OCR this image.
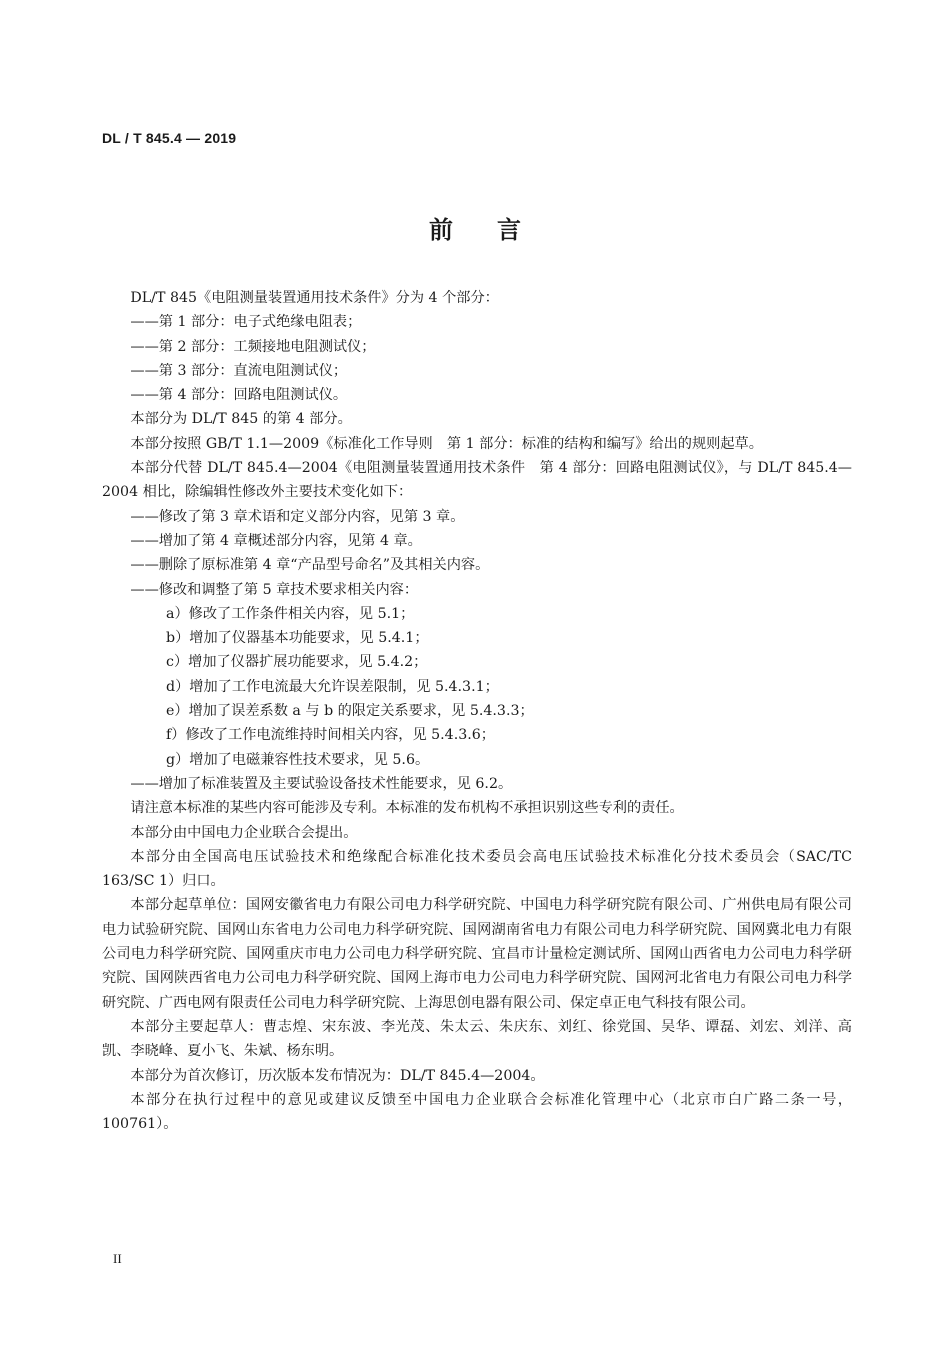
DL / T 845.4 — 2019
前言

DL/T 845《电阻测量装置通用技术条件》分为 4 个部分：

——第 1 部分：电子式绝缘电阻表；

——第 2 部分：工频接地电阻测试仪；

——第 3 部分：直流电阻测试仪；

——第 4 部分：回路电阻测试仪。

本部分为 DL/T 845 的第 4 部分。

本部分按照 GB/T 1.1—2009《标准化工作导则　第 1 部分：标准的结构和编写》给出的规则起草。

本部分代替 DL/T 845.4—2004《电阻测量装置通用技术条件　第 4 部分：回路电阻测试仪》，与 DL/T 845.4—2004 相比，除编辑性修改外主要技术变化如下：

——修改了第 3 章术语和定义部分内容，见第 3 章。

——增加了第 4 章概述部分内容，见第 4 章。

——删除了原标准第 4 章“产品型号命名”及其相关内容。

——修改和调整了第 5 章技术要求相关内容：

a）修改了工作条件相关内容，见 5.1；

b）增加了仪器基本功能要求，见 5.4.1；

c）增加了仪器扩展功能要求，见 5.4.2；

d）增加了工作电流最大允许误差限制，见 5.4.3.1；

e）增加了误差系数 a 与 b 的限定关系要求，见 5.4.3.3；

f）修改了工作电流维持时间相关内容，见 5.4.3.6；

g）增加了电磁兼容性技术要求，见 5.6。

——增加了标准装置及主要试验设备技术性能要求，见 6.2。

请注意本标准的某些内容可能涉及专利。本标准的发布机构不承担识别这些专利的责任。

本部分由中国电力企业联合会提出。

本部分由全国高电压试验技术和绝缘配合标准化技术委员会高电压试验技术标准化分技术委员会（SAC/TC 163/SC 1）归口。

本部分起草单位：国网安徽省电力有限公司电力科学研究院、中国电力科学研究院有限公司、广州供电局有限公司电力试验研究院、国网山东省电力公司电力科学研究院、国网湖南省电力有限公司电力科学研究院、国网冀北电力有限公司电力科学研究院、国网重庆市电力公司电力科学研究院、宜昌市计量检定测试所、国网山西省电力公司电力科学研究院、国网陕西省电力公司电力科学研究院、国网上海市电力公司电力科学研究院、国网河北省电力有限公司电力科学研究院、广西电网有限责任公司电力科学研究院、上海思创电器有限公司、保定卓正电气科技有限公司。

本部分主要起草人：曹志煌、宋东波、李光茂、朱太云、朱庆东、刘红、徐党国、吴华、谭磊、刘宏、刘洋、高凯、李晓峰、夏小飞、朱斌、杨东明。

本部分为首次修订，历次版本发布情况为：DL/T 845.4—2004。

本部分在执行过程中的意见或建议反馈至中国电力企业联合会标准化管理中心（北京市白广路二条一号，100761）。

II
